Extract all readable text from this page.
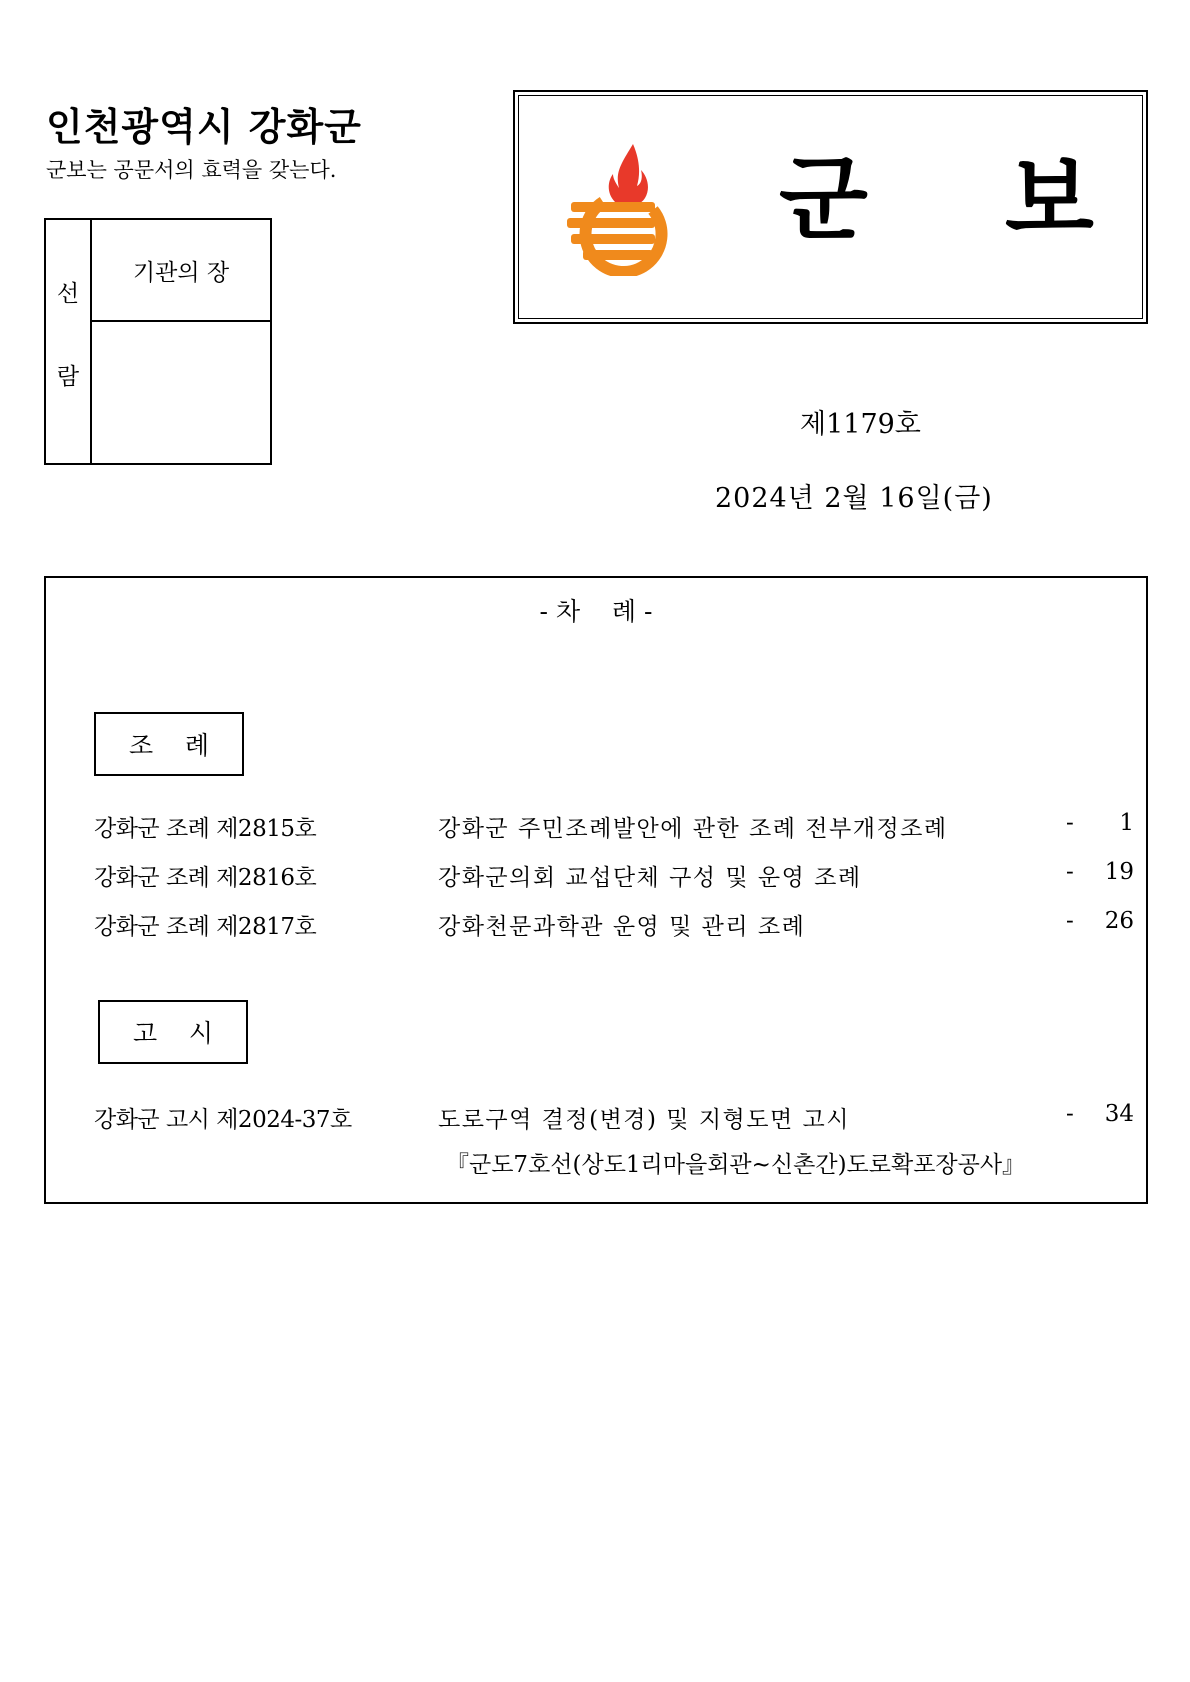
인천광역시 강화군
군보는 공문서의 효력을 갖는다.
선
람
기관의 장
군 보
제1179호
2024년 2월 16일(금)
- 차    례 -
조    례
강화군 조례 제2815호	강화군 주민조례발안에 관한 조례 전부개정조례	- 1
강화군 조례 제2816호	강화군의회 교섭단체 구성 및 운영 조례	- 19
강화군 조례 제2817호	강화천문과학관 운영 및 관리 조례	- 26
고    시
강화군 고시 제2024-37호	도로구역 결정(변경) 및 지형도면 고시	- 34
『군도7호선(상도1리마을회관~신촌간)도로확포장공사』
